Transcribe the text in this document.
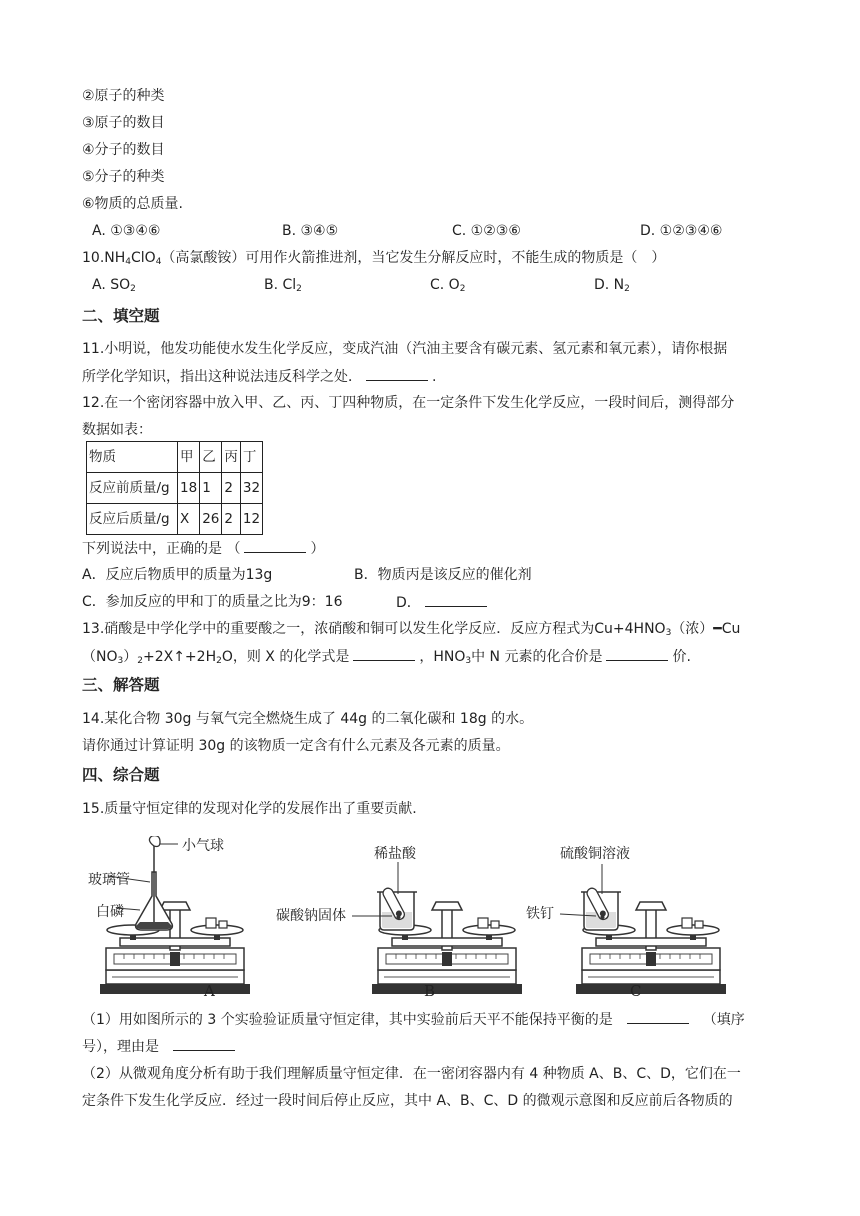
②原子的种类
③原子的数目
④分子的数目
⑤分子的种类
⑥物质的总质量.
A. ①③④⑥	B. ③④⑤	C. ①②③⑥	D. ①②③④⑥
$10.NH_4ClO_4$（高氯酸铵）可用作火箭推进剂，当它发生分解反应时，不能生成的物质是（　）
A. $SO_2$	B. $Cl_2$	C. $O_2$	D. $N_2$
二、填空题
11.小明说，他发功能使水发生化学反应，变成汽油（汽油主要含有碳元素、氢元素和氧元素），请你根据
所学化学知识，指出这种说法违反科学之处．	.
12.在一个密闭容器中放入甲、乙、丙、丁四种物质，在一定条件下发生化学反应，一段时间后，测得部分
数据如表：
物质	甲	乙	丙	丁
反应前质量/g	18	1	2	32
反应后质量/g	X	26	2	12
下列说法中，正确的是 （	）
A．反应后物质甲的质量为13g	B．物质丙是该反应的催化剂
C．参加反应的甲和丁的质量之比为9：16	D．
13.硝酸是中学化学中的重要酸之一，浓硝酸和铜可以发生化学反应．反应方程式为$Cu+4HNO_3$（浓）━Cu
$(NO_3)_2+2X↑+2H_2O$，则 X 的化学式是	，$HNO_3$中 N 元素的化合价是	价.
三、解答题
14.某化合物 30g 与氧气完全燃烧生成了 44g 的二氧化碳和 18g 的水。
请你通过计算证明 30g 的该物质一定含有什么元素及各元素的质量。
四、综合题
15.质量守恒定律的发现对化学的发展作出了重要贡献.
小气球
玻璃管
白磷
A
稀盐酸
碳酸钠固体
B
硫酸铜溶液
铁钉
C
（1）用如图所示的 3 个实验验证质量守恒定律，其中实验前后天平不能保持平衡的是	（填序
号），理由是
（2）从微观角度分析有助于我们理解质量守恒定律．在一密闭容器内有 4 种物质 A、B、C、D，它们在一
定条件下发生化学反应．经过一段时间后停止反应，其中 A、B、C、D 的微观示意图和反应前后各物质的
